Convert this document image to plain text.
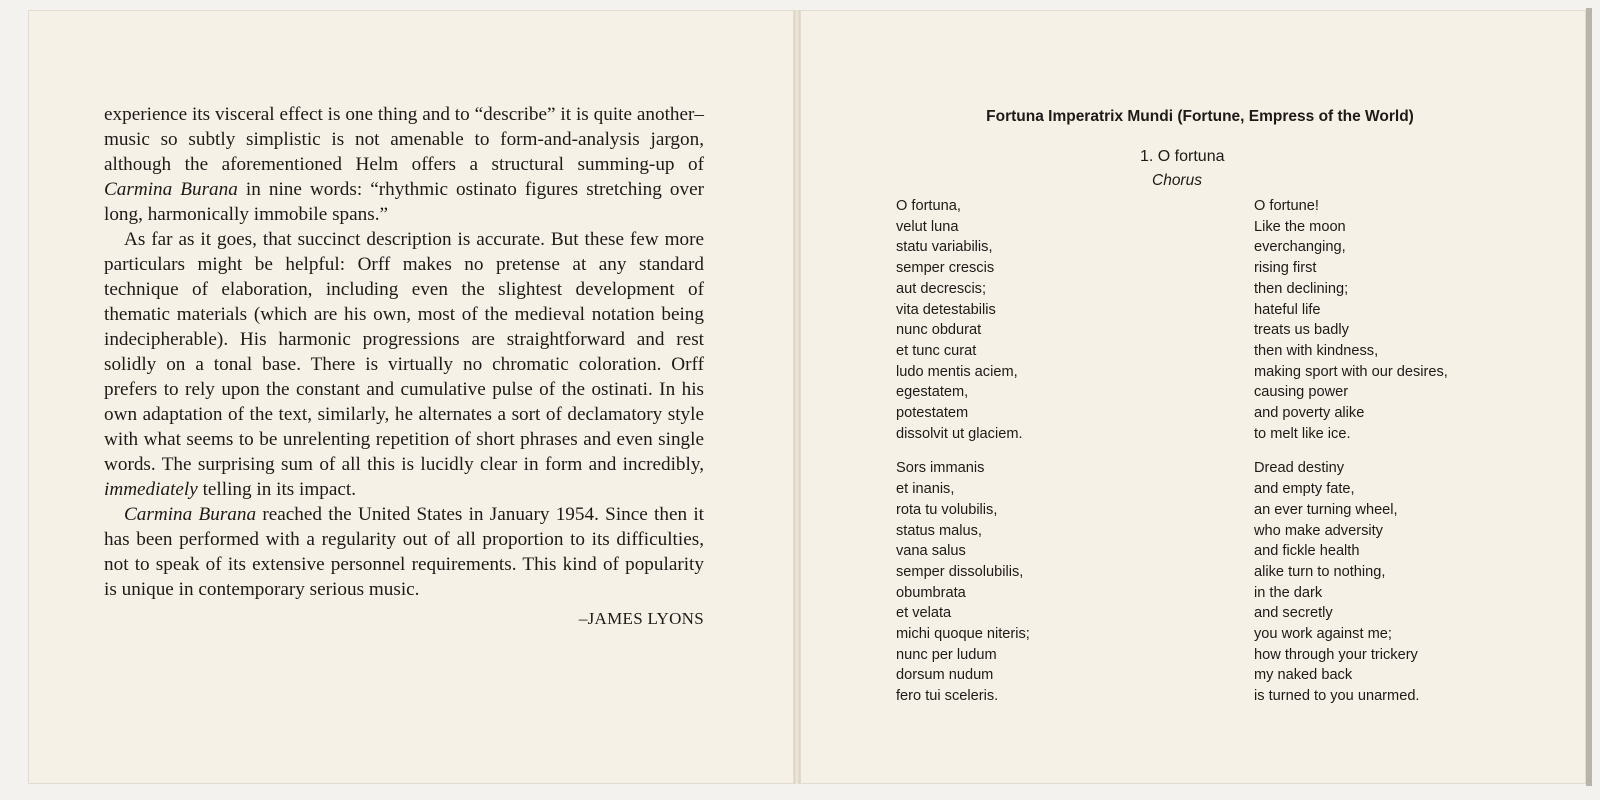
experience its visceral effect is one thing and to “describe” it is quite another–music so subtly simplistic is not amenable to form-and-analysis jargon, although the aforementioned Helm offers a structural summing-up of Carmina Burana in nine words: “rhythmic ostinato figures stretching over long, harmonically immobile spans.”

As far as it goes, that succinct description is accurate. But these few more particulars might be helpful: Orff makes no pretense at any standard technique of elaboration, including even the slightest development of thematic materials (which are his own, most of the medieval notation being indecipherable). His harmonic progressions are straightforward and rest solidly on a tonal base. There is virtually no chromatic coloration. Orff prefers to rely upon the constant and cumulative pulse of the ostinati. In his own adaptation of the text, similarly, he alternates a sort of declamatory style with what seems to be unrelenting repetition of short phrases and even single words. The surprising sum of all this is lucidly clear in form and incredibly, immediately telling in its impact.

Carmina Burana reached the United States in January 1954. Since then it has been performed with a regularity out of all proportion to its difficulties, not to speak of its extensive personnel requirements. This kind of popularity is unique in contemporary serious music.

–JAMES LYONS
Fortuna Imperatrix Mundi (Fortune, Empress of the World)
1. O fortuna
Chorus
O fortuna,
velut luna
statu variabilis,
semper crescis
aut decrescis;
vita detestabilis
nunc obdurat
et tunc curat
ludo mentis aciem,
egestatem,
potestatem
dissolvit ut glaciem.
Sors immanis
et inanis,
rota tu volubilis,
status malus,
vana salus
semper dissolubilis,
obumbrata
et velata
michi quoque niteris;
nunc per ludum
dorsum nudum
fero tui sceleris.
O fortune!
Like the moon
everchanging,
rising first
then declining;
hateful life
treats us badly
then with kindness,
making sport with our desires,
causing power
and poverty alike
to melt like ice.
Dread destiny
and empty fate,
an ever turning wheel,
who make adversity
and fickle health
alike turn to nothing,
in the dark
and secretly
you work against me;
how through your trickery
my naked back
is turned to you unarmed.
